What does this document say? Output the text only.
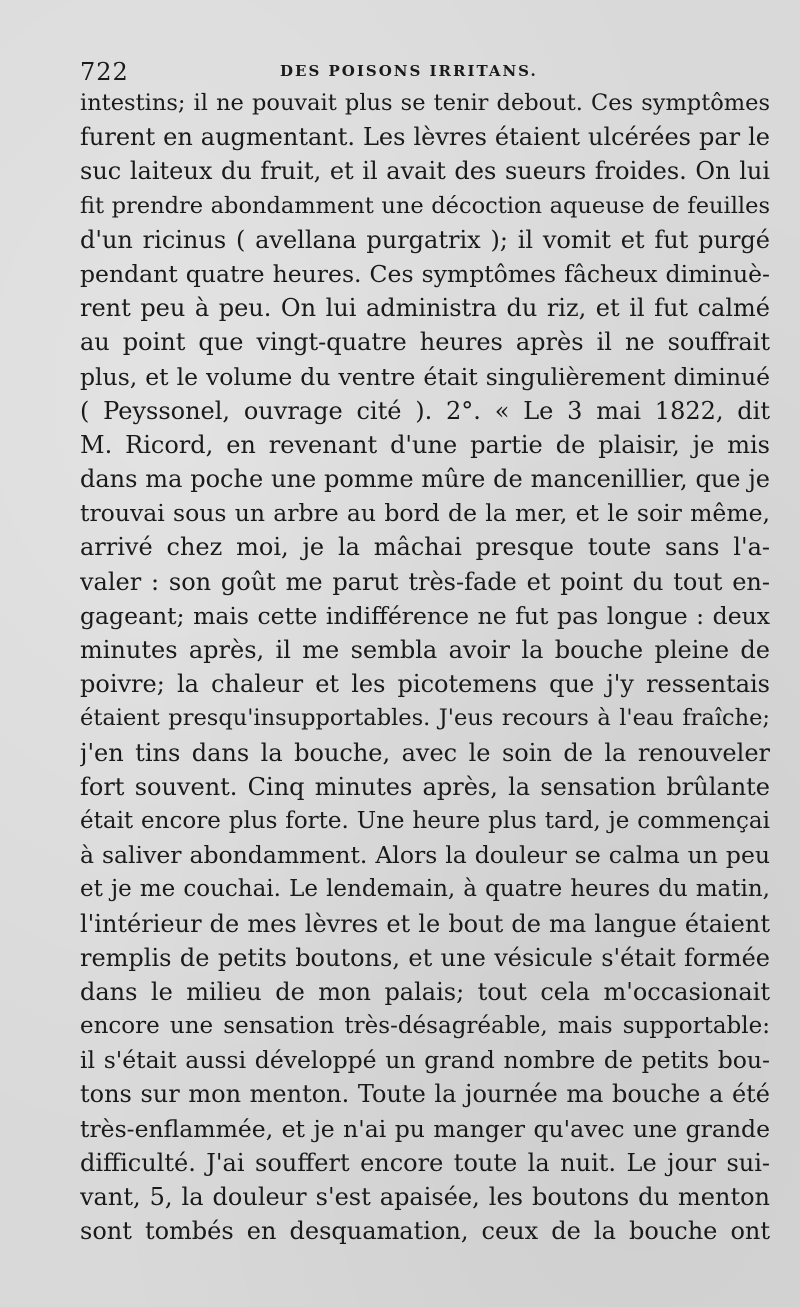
722	DES POISONS IRRITANS.
intestins; il ne pouvait plus se tenir debout. Ces symptômes
furent en augmentant. Les lèvres étaient ulcérées par le
suc laiteux du fruit, et il avait des sueurs froides. On lui
fit prendre abondamment une décoction aqueuse de feuilles
d'un ricinus ( avellana purgatrix ); il vomit et fut purgé
pendant quatre heures. Ces symptômes fâcheux diminuè-
rent peu à peu. On lui administra du riz, et il fut calmé
au point que vingt-quatre heures après il ne souffrait
plus, et le volume du ventre était singulièrement diminué
( Peyssonel, ouvrage cité ). 2°. « Le 3 mai 1822, dit
M. Ricord, en revenant d'une partie de plaisir, je mis
dans ma poche une pomme mûre de mancenillier, que je
trouvai sous un arbre au bord de la mer, et le soir même,
arrivé chez moi, je la mâchai presque toute sans l'a-
valer : son goût me parut très-fade et point du tout en-
gageant; mais cette indifférence ne fut pas longue : deux
minutes après, il me sembla avoir la bouche pleine de
poivre; la chaleur et les picotemens que j'y ressentais
étaient presqu'insupportables. J'eus recours à l'eau fraîche;
j'en tins dans la bouche, avec le soin de la renouveler
fort souvent. Cinq minutes après, la sensation brûlante
était encore plus forte. Une heure plus tard, je commençai
à saliver abondamment. Alors la douleur se calma un peu
et je me couchai. Le lendemain, à quatre heures du matin,
l'intérieur de mes lèvres et le bout de ma langue étaient
remplis de petits boutons, et une vésicule s'était formée
dans le milieu de mon palais; tout cela m'occasionait
encore une sensation très-désagréable, mais supportable:
il s'était aussi développé un grand nombre de petits bou-
tons sur mon menton. Toute la journée ma bouche a été
très-enflammée, et je n'ai pu manger qu'avec une grande
difficulté. J'ai souffert encore toute la nuit. Le jour sui-
vant, 5, la douleur s'est apaisée, les boutons du menton
sont tombés en desquamation, ceux de la bouche ont
